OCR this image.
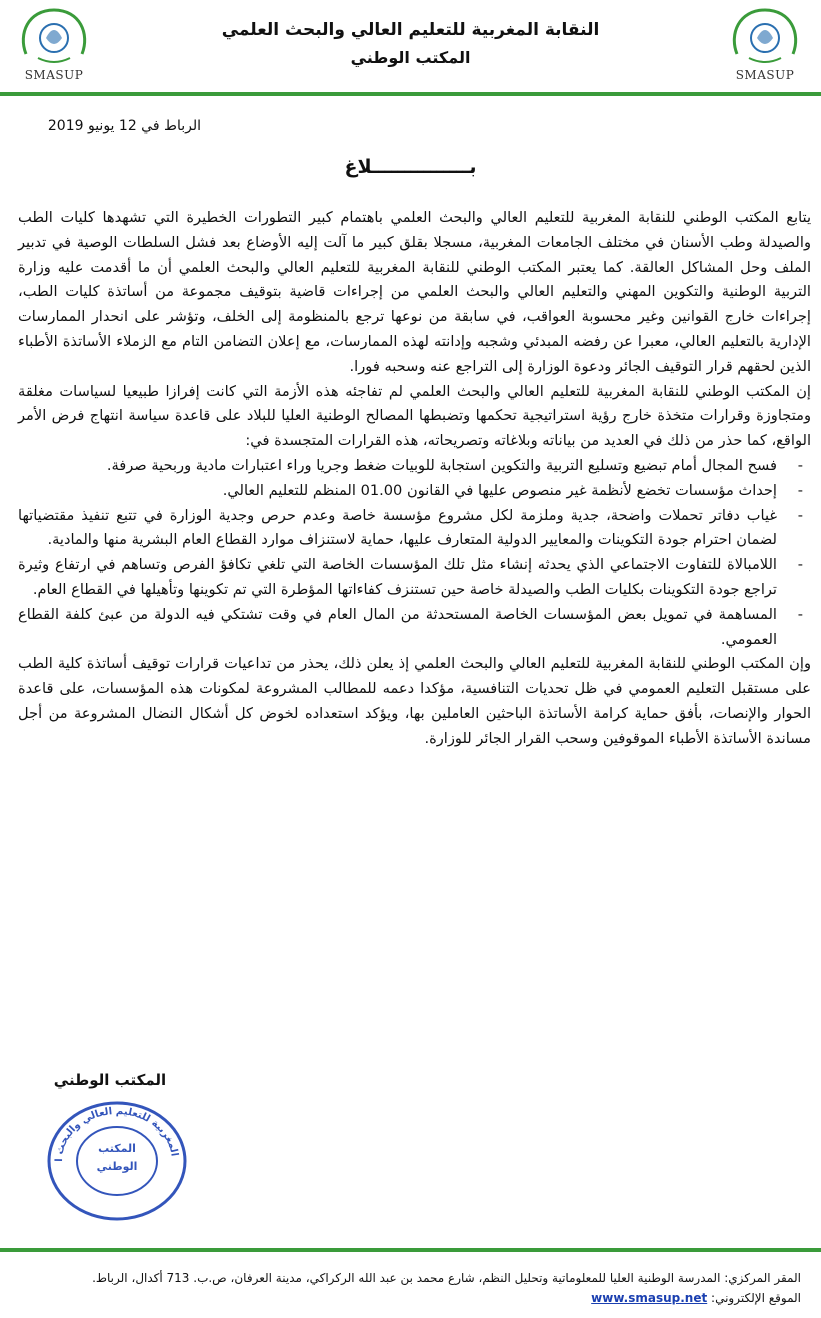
SMASUP
SMASUP
النقابة المغربية للتعليم العالي والبحث العلمي
المكتب الوطني
الرباط في 12 يونيو 2019
بـــــــــــــــلاغ

يتابع المكتب الوطني للنقابة المغربية للتعليم العالي والبحث العلمي باهتمام كبير التطورات الخطيرة التي تشهدها كليات الطب والصيدلة وطب الأسنان في مختلف الجامعات المغربية، مسجلا بقلق كبير ما آلت إليه الأوضاع بعد فشل السلطات الوصية في تدبير الملف وحل المشاكل العالقة. كما يعتبر المكتب الوطني للنقابة المغربية للتعليم العالي والبحث العلمي أن ما أقدمت عليه وزارة التربية الوطنية والتكوين المهني والتعليم العالي والبحث العلمي من إجراءات قاضية بتوقيف مجموعة من أساتذة كليات الطب، إجراءات خارج القوانين وغير محسوبة العواقب، في سابقة من نوعها ترجع بالمنظومة إلى الخلف، وتؤشر على انحدار الممارسات الإدارية بالتعليم العالي، معبرا عن رفضه المبدئي وشجبه وإدانته لهذه الممارسات، مع إعلان التضامن التام مع الزملاء الأساتذة الأطباء الذين لحقهم قرار التوقيف الجائر ودعوة الوزارة إلى التراجع عنه وسحبه فورا.

إن المكتب الوطني للنقابة المغربية للتعليم العالي والبحث العلمي لم تفاجئه هذه الأزمة التي كانت إفرازا طبيعيا لسياسات مغلقة ومتجاوزة وقرارات متخذة خارج رؤية استراتيجية تحكمها وتضبطها المصالح الوطنية العليا للبلاد على قاعدة سياسة انتهاج فرض الأمر الواقع، كما حذر من ذلك في العديد من بياناته وبلاغاته وتصريحاته، هذه القرارات المتجسدة في:

-
فسح المجال أمام تبضيع وتسليع التربية والتكوين استجابة للوبيات ضغط وجريا وراء اعتبارات مادية وربحية صرفة.
-
إحداث مؤسسات تخضع لأنظمة غير منصوص عليها في القانون 01.00 المنظم للتعليم العالي.
-
غياب دفاتر تحملات واضحة، جدية وملزمة لكل مشروع مؤسسة خاصة وعدم حرص وجدية الوزارة في تتبع تنفيذ مقتضياتها لضمان احترام جودة التكوينات والمعايير الدولية المتعارف عليها، حماية لاستنزاف موارد القطاع العام البشرية منها والمادية.
-
اللامبالاة للتفاوت الاجتماعي الذي يحدثه إنشاء مثل تلك المؤسسات الخاصة التي تلغي تكافؤ الفرص وتساهم في ارتفاع وثيرة تراجع جودة التكوينات بكليات الطب والصيدلة خاصة حين تستنزف كفاءاتها المؤطرة التي تم تكوينها وتأهيلها في القطاع العام.
-
المساهمة في تمويل بعض المؤسسات الخاصة المستحدثة من المال العام في وقت تشتكي فيه الدولة من عبئ كلفة القطاع العمومي.

وإن المكتب الوطني للنقابة المغربية للتعليم العالي والبحث العلمي إذ يعلن ذلك، يحذر من تداعيات قرارات توقيف أساتذة كلية الطب على مستقبل التعليم العمومي في ظل تحديات التنافسية، مؤكدا دعمه للمطالب المشروعة لمكونات هذه المؤسسات، على قاعدة الحوار والإنصات، بأفق حماية كرامة الأساتذة الباحثين العاملين بها، ويؤكد استعداده لخوض كل أشكال النضال المشروعة من أجل مساندة الأساتذة الأطباء الموقوفين وسحب القرار الجائر للوزارة.

المكتب الوطني
المغربية للتعليم العالي والبحث ا
المكتب
الوطني
المقر المركزي: المدرسة الوطنية العليا للمعلوماتية وتحليل النظم، شارع محمد بن عبد الله الركراكي، مدينة العرفان، ص.ب. 713 أكدال، الرباط.
الموقع الإلكتروني: www.smasup.net
